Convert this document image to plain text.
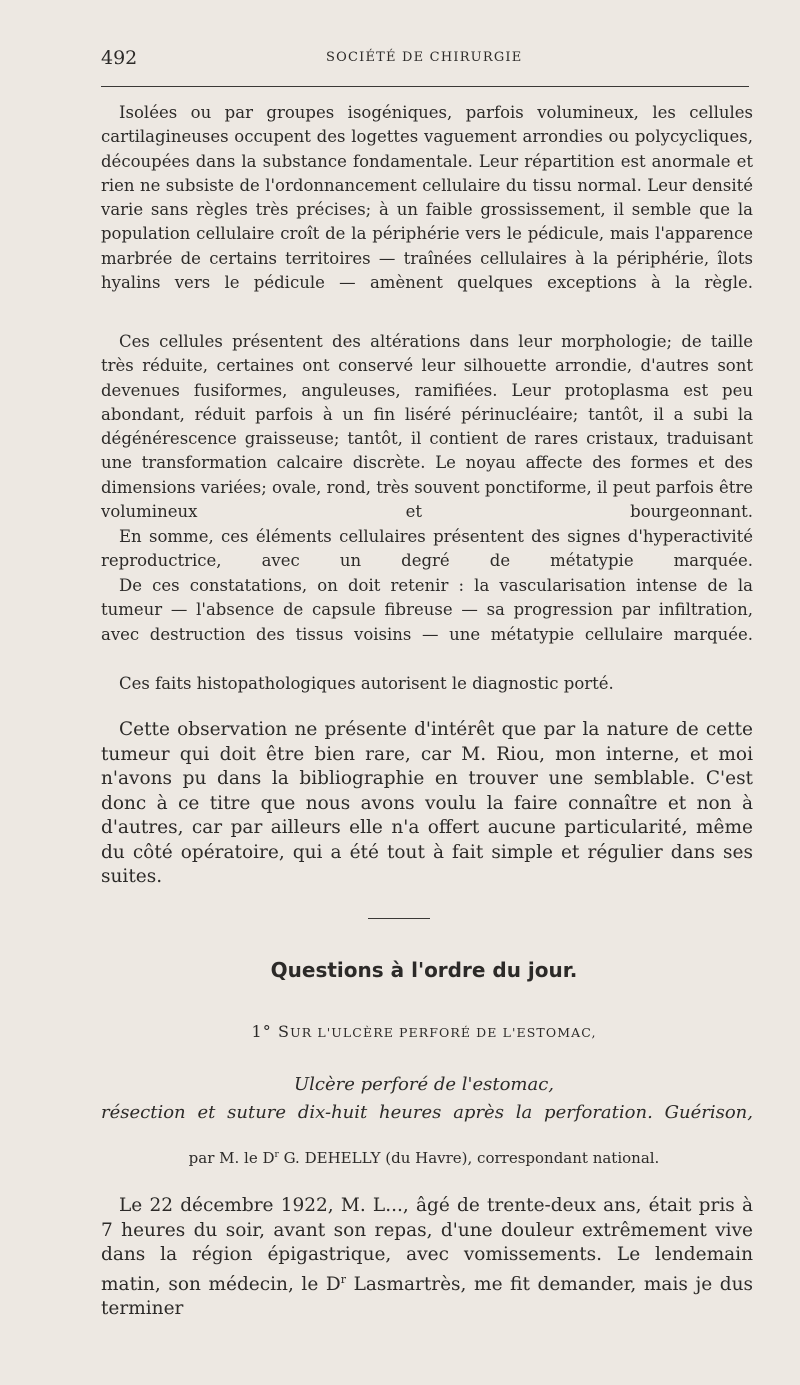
492	SOCIÉTÉ DE CHIRURGIE

Isolées ou par groupes isogéniques, parfois volumineux, les cellules cartilagineuses occupent des logettes vaguement arrondies ou polycycliques, découpées dans la substance fondamentale. Leur répartition est anormale et rien ne subsiste de l'ordonnancement cellulaire du tissu normal. Leur densité varie sans règles très précises; à un faible grossissement, il semble que la population cellulaire croît de la périphérie vers le pédicule, mais l'apparence marbrée de certains territoires — traînées cellulaires à la périphérie, îlots hyalins vers le pédicule — amènent quelques exceptions à la règle.

Ces cellules présentent des altérations dans leur morphologie; de taille très réduite, certaines ont conservé leur silhouette arrondie, d'autres sont devenues fusiformes, anguleuses, ramifiées. Leur protoplasma est peu abondant, réduit parfois à un fin liséré périnucléaire; tantôt, il a subi la dégénérescence graisseuse; tantôt, il contient de rares cristaux, traduisant une transformation calcaire discrète. Le noyau affecte des formes et des dimensions variées; ovale, rond, très souvent ponctiforme, il peut parfois être volumineux et bourgeonnant.

En somme, ces éléments cellulaires présentent des signes d'hyperactivité reproductrice, avec un degré de métatypie marquée.

De ces constatations, on doit retenir : la vascularisation intense de la tumeur — l'absence de capsule fibreuse — sa progression par infiltration, avec destruction des tissus voisins — une métatypie cellulaire marquée.

Ces faits histopathologiques autorisent le diagnostic porté.

Cette observation ne présente d'intérêt que par la nature de cette tumeur qui doit être bien rare, car M. Riou, mon interne, et moi n'avons pu dans la bibliographie en trouver une semblable. C'est donc à ce titre que nous avons voulu la faire connaître et non à d'autres, car par ailleurs elle n'a offert aucune particularité, même du côté opératoire, qui a été tout à fait simple et régulier dans ses suites.

Questions à l'ordre du jour.
1° SUR L'ULCÈRE PERFORÉ DE L'ESTOMAC,
Ulcère perforé de l'estomac,
résection et suture dix-huit heures après la perforation. Guérison,
par M. le $D^r$ G. DEHELLY (du Havre), correspondant national.

Le 22 décembre 1922, M. L..., âgé de trente-deux ans, était pris à 7 heures du soir, avant son repas, d'une douleur extrêmement vive dans la région épigastrique, avec vomissements. Le lendemain matin, son médecin, le $D^r$ Lasmartrès, me fit demander, mais je dus terminer
